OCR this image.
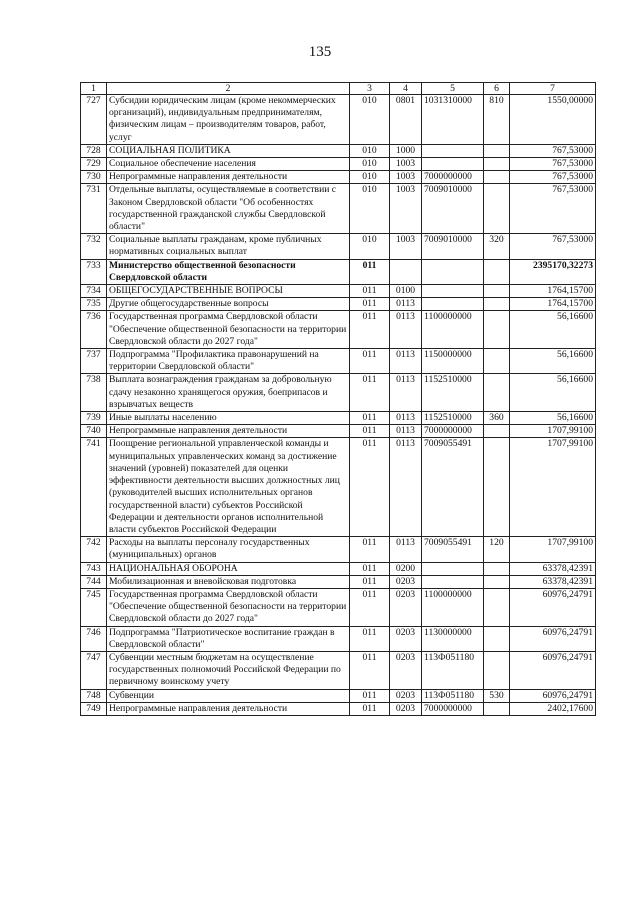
135
1	2	3	4	5	6	7
727	Субсидии юридическим лицам (кроме некоммерческих организаций), индивидуальным предпринимателям, физическим лицам – производителям товаров, работ, услуг	010	0801	1031310000	810	1550,00000
728	СОЦИАЛЬНАЯ ПОЛИТИКА	010	1000			767,53000
729	Социальное обеспечение населения	010	1003			767,53000
730	Непрограммные направления деятельности	010	1003	7000000000		767,53000
731	Отдельные выплаты, осуществляемые в соответствии с Законом Свердловской области "Об особенностях государственной гражданской службы Свердловской области"	010	1003	7009010000		767,53000
732	Социальные выплаты гражданам, кроме публичных нормативных социальных выплат	010	1003	7009010000	320	767,53000
733	Министерство общественной безопасности Свердловской области	011				2395170,32273
734	ОБЩЕГОСУДАРСТВЕННЫЕ ВОПРОСЫ	011	0100			1764,15700
735	Другие общегосударственные вопросы	011	0113			1764,15700
736	Государственная программа Свердловской области "Обеспечение общественной безопасности на территории Свердловской области до 2027 года"	011	0113	1100000000		56,16600
737	Подпрограмма "Профилактика правонарушений на территории Свердловской области"	011	0113	1150000000		56,16600
738	Выплата вознаграждения гражданам за добровольную сдачу незаконно хранящегося оружия, боеприпасов и взрывчатых веществ	011	0113	1152510000		56,16600
739	Иные выплаты населению	011	0113	1152510000	360	56,16600
740	Непрограммные направления деятельности	011	0113	7000000000		1707,99100
741	Поощрение региональной управленческой команды и муниципальных управленческих команд за достижение значений (уровней) показателей для оценки эффективности деятельности высших должностных лиц (руководителей высших исполнительных органов государственной власти) субъектов Российской Федерации и деятельности органов исполнительной власти субъектов Российской Федерации	011	0113	7009055491		1707,99100
742	Расходы на выплаты персоналу государственных (муниципальных) органов	011	0113	7009055491	120	1707,99100
743	НАЦИОНАЛЬНАЯ ОБОРОНА	011	0200			63378,42391
744	Мобилизационная и вневойсковая подготовка	011	0203			63378,42391
745	Государственная программа Свердловской области "Обеспечение общественной безопасности на территории Свердловской области до 2027 года"	011	0203	1100000000		60976,24791
746	Подпрограмма "Патриотическое воспитание граждан в Свердловской области"	011	0203	1130000000		60976,24791
747	Субвенции местным бюджетам на осуществление государственных полномочий Российской Федерации по первичному воинскому учету	011	0203	113Ф051180		60976,24791
748	Субвенции	011	0203	113Ф051180	530	60976,24791
749	Непрограммные направления деятельности	011	0203	7000000000		2402,17600
